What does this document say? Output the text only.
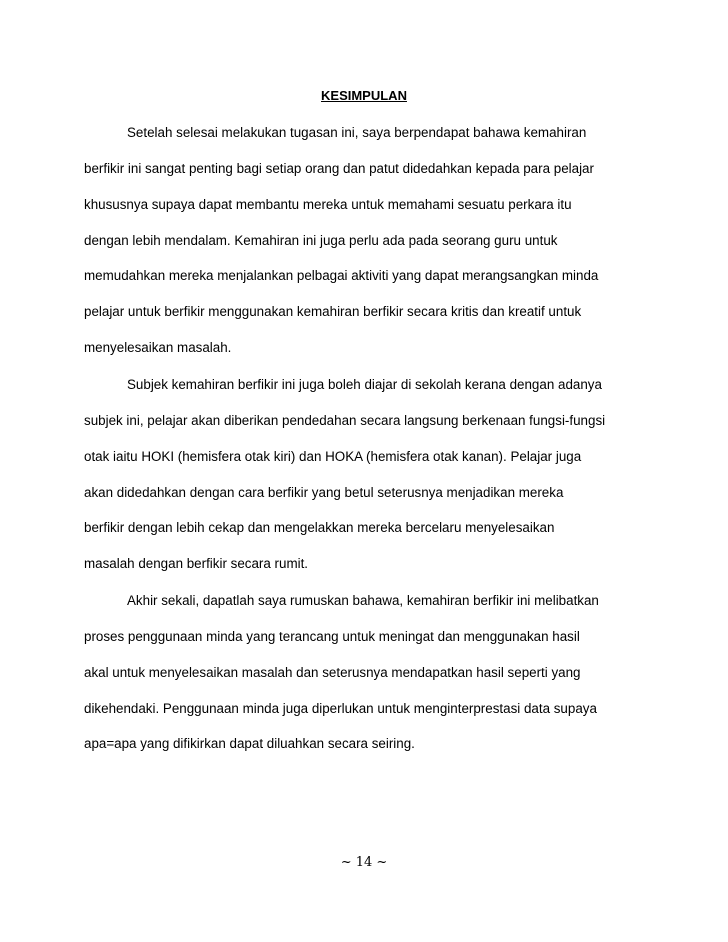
KESIMPULAN
Setelah selesai melakukan tugasan ini, saya berpendapat bahawa kemahiran
berfikir ini sangat penting bagi setiap orang dan patut didedahkan kepada para pelajar
khususnya supaya dapat membantu mereka untuk memahami sesuatu perkara itu
dengan lebih mendalam. Kemahiran ini juga perlu ada pada seorang guru untuk
memudahkan mereka menjalankan pelbagai aktiviti yang dapat merangsangkan minda
pelajar untuk berfikir menggunakan kemahiran berfikir secara kritis dan kreatif untuk
menyelesaikan masalah.
Subjek kemahiran berfikir ini juga boleh diajar di sekolah kerana dengan adanya
subjek ini, pelajar akan diberikan pendedahan secara langsung berkenaan fungsi-fungsi
otak iaitu HOKI (hemisfera otak kiri) dan HOKA (hemisfera otak kanan). Pelajar juga
akan didedahkan dengan cara berfikir yang betul seterusnya menjadikan mereka
berfikir dengan lebih cekap dan mengelakkan mereka bercelaru menyelesaikan
masalah dengan berfikir secara rumit.
Akhir sekali, dapatlah saya rumuskan bahawa, kemahiran berfikir ini melibatkan
proses penggunaan minda yang terancang untuk meningat dan menggunakan hasil
akal untuk menyelesaikan masalah dan seterusnya mendapatkan hasil seperti yang
dikehendaki. Penggunaan minda juga diperlukan untuk menginterprestasi data supaya
apa=apa yang difikirkan dapat diluahkan secara seiring.
~ 14 ~
